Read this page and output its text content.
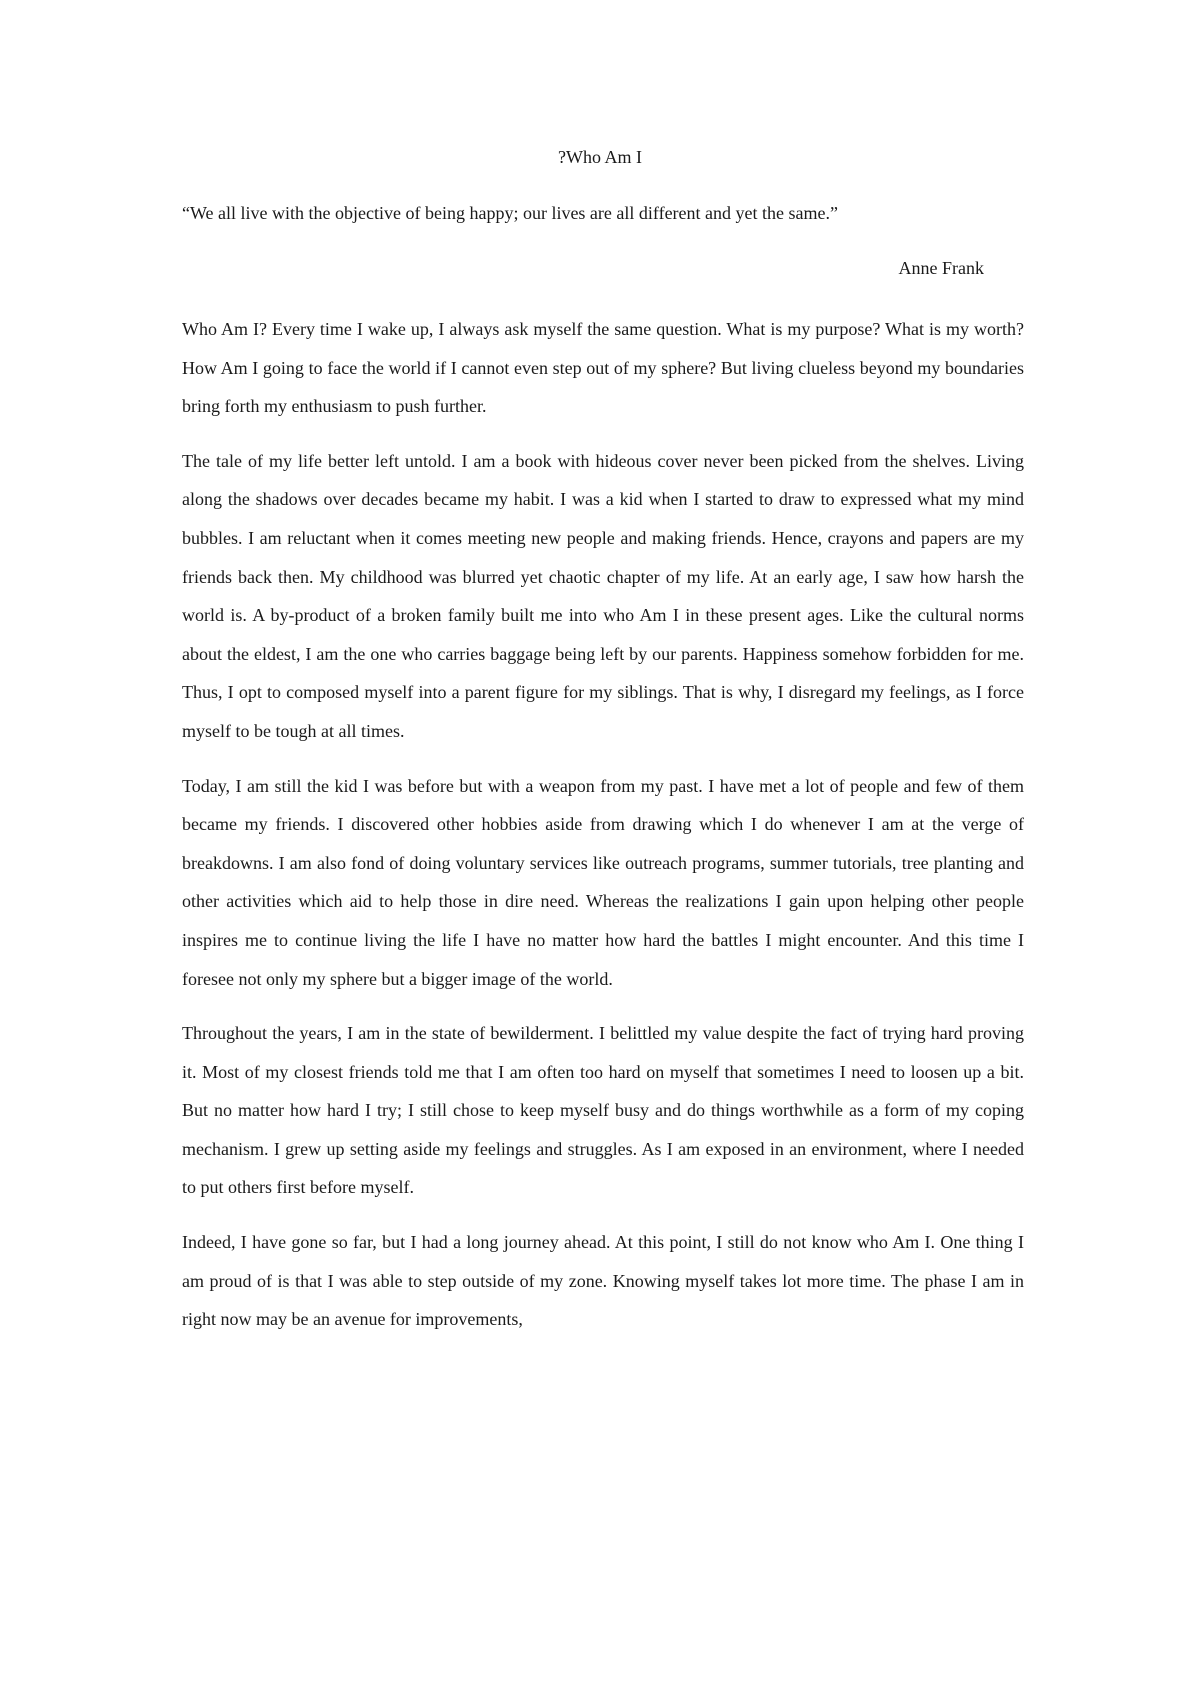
?Who Am I
“We all live with the objective of being happy; our lives are all different and yet the same.”
Anne Frank

Who Am I? Every time I wake up, I always ask myself the same question. What is my purpose? What is my worth? How Am I going to face the world if I cannot even step out of my sphere? But living clueless beyond my boundaries bring forth my enthusiasm to push further.

The tale of my life better left untold. I am a book with hideous cover never been picked from the shelves. Living along the shadows over decades became my habit. I was a kid when I started to draw to expressed what my mind bubbles. I am reluctant when it comes meeting new people and making friends. Hence, crayons and papers are my friends back then. My childhood was blurred yet chaotic chapter of my life. At an early age, I saw how harsh the world is. A by-product of a broken family built me into who Am I in these present ages. Like the cultural norms about the eldest, I am the one who carries baggage being left by our parents. Happiness somehow forbidden for me. Thus, I opt to composed myself into a parent figure for my siblings. That is why, I disregard my feelings, as I force myself to be tough at all times.

Today, I am still the kid I was before but with a weapon from my past. I have met a lot of people and few of them became my friends. I discovered other hobbies aside from drawing which I do whenever I am at the verge of breakdowns. I am also fond of doing voluntary services like outreach programs, summer tutorials, tree planting and other activities which aid to help those in dire need. Whereas the realizations I gain upon helping other people inspires me to continue living the life I have no matter how hard the battles I might encounter. And this time I foresee not only my sphere but a bigger image of the world.

Throughout the years, I am in the state of bewilderment. I belittled my value despite the fact of trying hard proving it. Most of my closest friends told me that I am often too hard on myself that sometimes I need to loosen up a bit. But no matter how hard I try; I still chose to keep myself busy and do things worthwhile as a form of my coping mechanism. I grew up setting aside my feelings and struggles. As I am exposed in an environment, where I needed to put others first before myself.

Indeed, I have gone so far, but I had a long journey ahead. At this point, I still do not know who Am I. One thing I am proud of is that I was able to step outside of my zone. Knowing myself takes lot more time. The phase I am in right now may be an avenue for improvements,
